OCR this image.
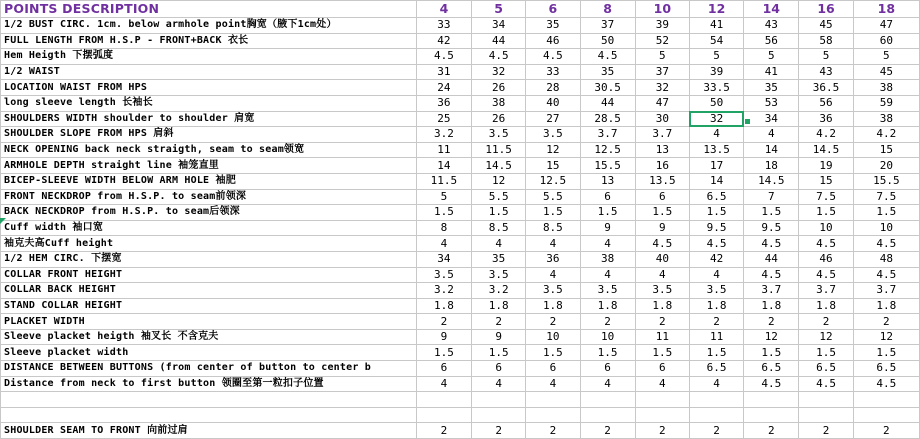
POINTS DESCRIPTION	4	5	6	8	10	12	14	16	18
1/2 BUST CIRC. 1cm. below armhole point胸宽（腋下1cm处）	33	34	35	37	39	41	43	45	47
FULL LENGTH FROM H.S.P - FRONT+BACK 衣长	42	44	46	50	52	54	56	58	60
Hem Heigth 下摆弧度	4.5	4.5	4.5	4.5	5	5	5	5	5
1/2 WAIST	31	32	33	35	37	39	41	43	45
LOCATION WAIST FROM HPS	24	26	28	30.5	32	33.5	35	36.5	38
long sleeve length 长袖长	36	38	40	44	47	50	53	56	59
SHOULDERS WIDTH shoulder to shoulder 肩宽	25	26	27	28.5	30	32	34	36	38
SHOULDER SLOPE FROM HPS 肩斜	3.2	3.5	3.5	3.7	3.7	4	4	4.2	4.2
NECK OPENING back neck straigth, seam to seam领宽	11	11.5	12	12.5	13	13.5	14	14.5	15
ARMHOLE DEPTH straight line 袖笼直里	14	14.5	15	15.5	16	17	18	19	20
BICEP-SLEEVE WIDTH BELOW ARM HOLE 袖肥	11.5	12	12.5	13	13.5	14	14.5	15	15.5
FRONT NECKDROP from H.S.P. to seam前领深	5	5.5	5.5	6	6	6.5	7	7.5	7.5
BACK NECKDROP from H.S.P. to seam后领深	1.5	1.5	1.5	1.5	1.5	1.5	1.5	1.5	1.5
Cuff width 袖口宽	8	8.5	8.5	9	9	9.5	9.5	10	10
袖克夫高Cuff height	4	4	4	4	4.5	4.5	4.5	4.5	4.5
1/2 HEM CIRC. 下摆宽	34	35	36	38	40	42	44	46	48
COLLAR FRONT HEIGHT	3.5	3.5	4	4	4	4	4.5	4.5	4.5
COLLAR BACK HEIGHT	3.2	3.2	3.5	3.5	3.5	3.5	3.7	3.7	3.7
STAND COLLAR HEIGHT	1.8	1.8	1.8	1.8	1.8	1.8	1.8	1.8	1.8
PLACKET WIDTH	2	2	2	2	2	2	2	2	2
Sleeve placket heigth 袖叉长 不含克夫	9	9	10	10	11	11	12	12	12
Sleeve placket width	1.5	1.5	1.5	1.5	1.5	1.5	1.5	1.5	1.5
DISTANCE BETWEEN BUTTONS (from center of button to center b	6	6	6	6	6	6.5	6.5	6.5	6.5
Distance from neck to first button 领圈至第一粒扣子位置	4	4	4	4	4	4	4.5	4.5	4.5

SHOULDER SEAM TO FRONT 向前过肩	2	2	2	2	2	2	2	2	2
